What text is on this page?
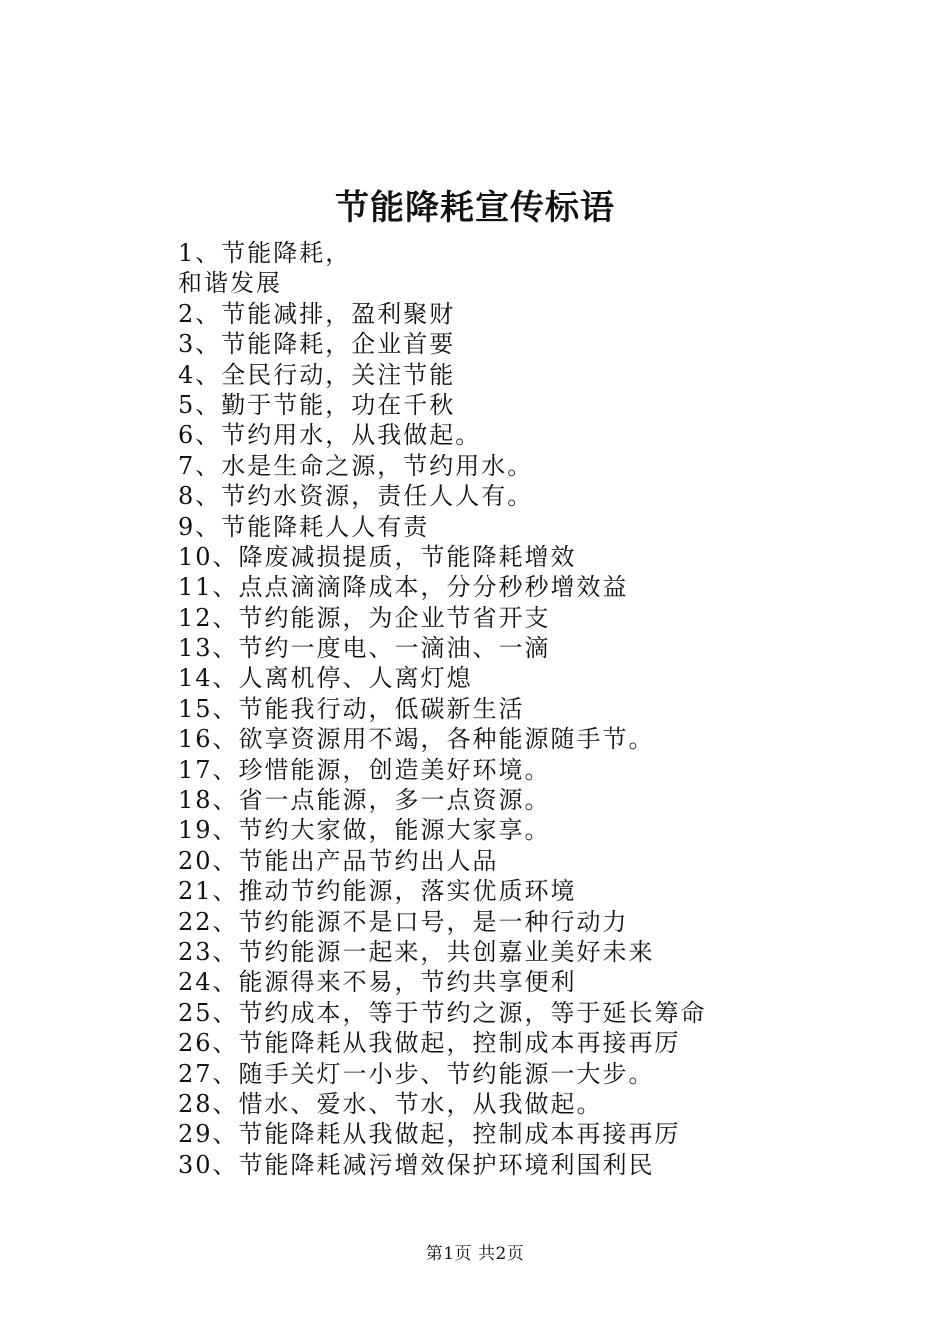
节能降耗宣传标语
1、节能降耗，
和谐发展
2、节能减排，盈利聚财
3、节能降耗，企业首要
4、全民行动，关注节能
5、勤于节能，功在千秋
6、节约用水，从我做起。
7、水是生命之源，节约用水。
8、节约水资源，责任人人有。
9、节能降耗人人有责
10、降废减损提质，节能降耗增效
11、点点滴滴降成本，分分秒秒增效益
12、节约能源，为企业节省开支
13、节约一度电、一滴油、一滴
14、人离机停、人离灯熄
15、节能我行动，低碳新生活
16、欲享资源用不竭，各种能源随手节。
17、珍惜能源，创造美好环境。
18、省一点能源，多一点资源。
19、节约大家做，能源大家享。
20、节能出产品节约出人品
21、推动节约能源，落实优质环境
22、节约能源不是口号，是一种行动力
23、节约能源一起来，共创嘉业美好未来
24、能源得来不易，节约共享便利
25、节约成本，等于节约之源，等于延长筹命
26、节能降耗从我做起，控制成本再接再厉
27、随手关灯一小步、节约能源一大步。
28、惜水、爱水、节水，从我做起。
29、节能降耗从我做起，控制成本再接再厉
30、节能降耗减污增效保护环境利国利民
第1页 共2页
